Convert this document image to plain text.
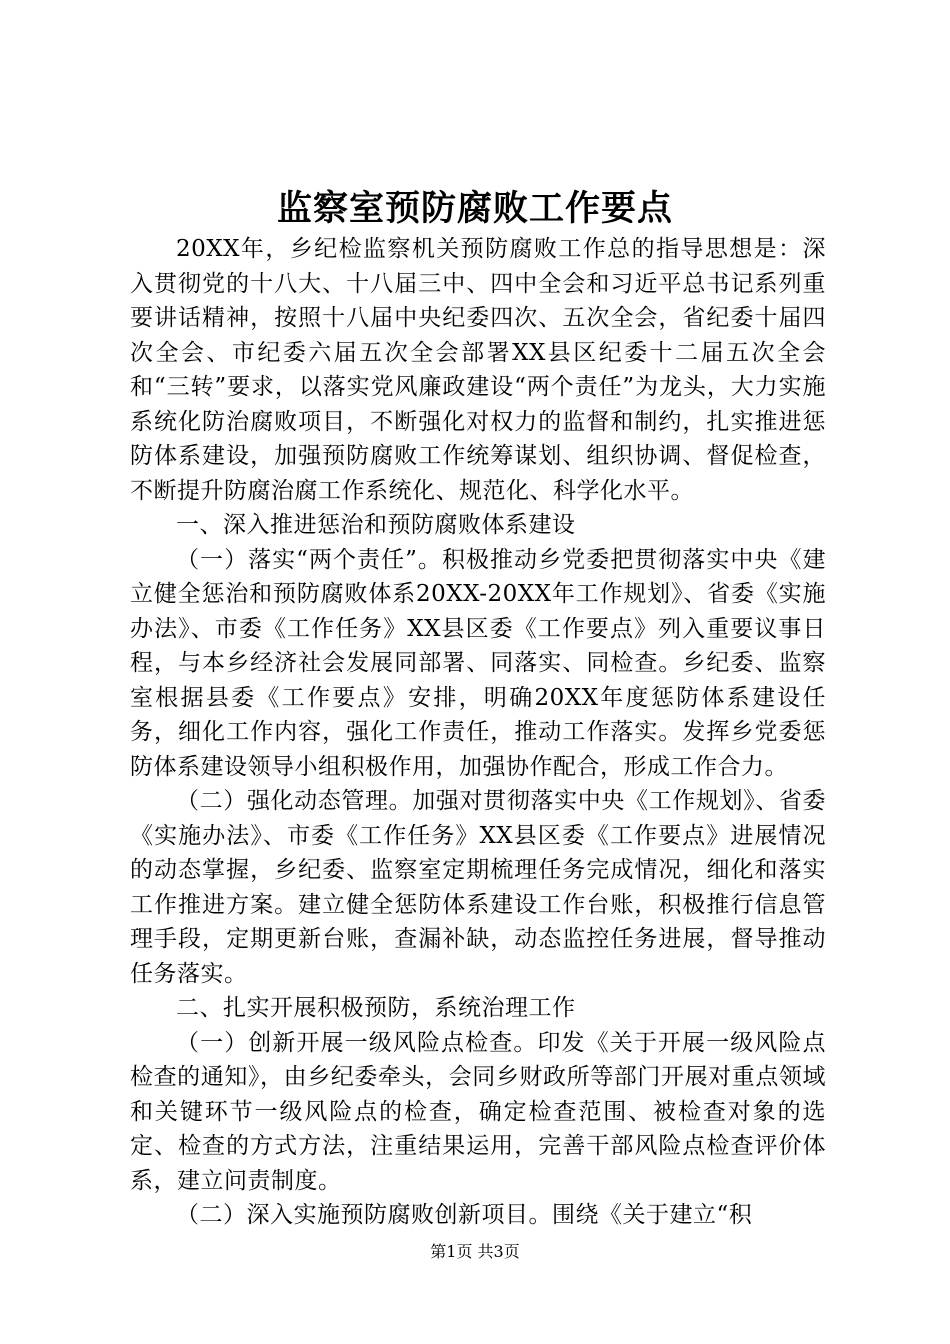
监察室预防腐败工作要点

20XX年，乡纪检监察机关预防腐败工作总的指导思想是：深入贯彻党的十八大、十八届三中、四中全会和习近平总书记系列重要讲话精神，按照十八届中央纪委四次、五次全会，省纪委十届四次全会、市纪委六届五次全会部署XX县区纪委十二届五次全会和“三转”要求，以落实党风廉政建设“两个责任”为龙头，大力实施系统化防治腐败项目，不断强化对权力的监督和制约，扎实推进惩防体系建设，加强预防腐败工作统筹谋划、组织协调、督促检查，不断提升防腐治腐工作系统化、规范化、科学化水平。

一、深入推进惩治和预防腐败体系建设

（一）落实“两个责任”。积极推动乡党委把贯彻落实中央《建立健全惩治和预防腐败体系20XX-20XX年工作规划》、省委《实施办法》、市委《工作任务》XX县区委《工作要点》列入重要议事日程，与本乡经济社会发展同部署、同落实、同检查。乡纪委、监察室根据县委《工作要点》安排，明确20XX年度惩防体系建设任务，细化工作内容，强化工作责任，推动工作落实。发挥乡党委惩防体系建设领导小组积极作用，加强协作配合，形成工作合力。

（二）强化动态管理。加强对贯彻落实中央《工作规划》、省委《实施办法》、市委《工作任务》XX县区委《工作要点》进展情况的动态掌握，乡纪委、监察室定期梳理任务完成情况，细化和落实工作推进方案。建立健全惩防体系建设工作台账，积极推行信息管理手段，定期更新台账，查漏补缺，动态监控任务进展，督导推动任务落实。

二、扎实开展积极预防，系统治理工作

（一）创新开展一级风险点检查。印发《关于开展一级风险点检查的通知》，由乡纪委牵头，会同乡财政所等部门开展对重点领域和关键环节一级风险点的检查，确定检查范围、被检查对象的选定、检查的方式方法，注重结果运用，完善干部风险点检查评价体系，建立问责制度。

（二）深入实施预防腐败创新项目。围绕《关于建立“积

第1页 共3页
